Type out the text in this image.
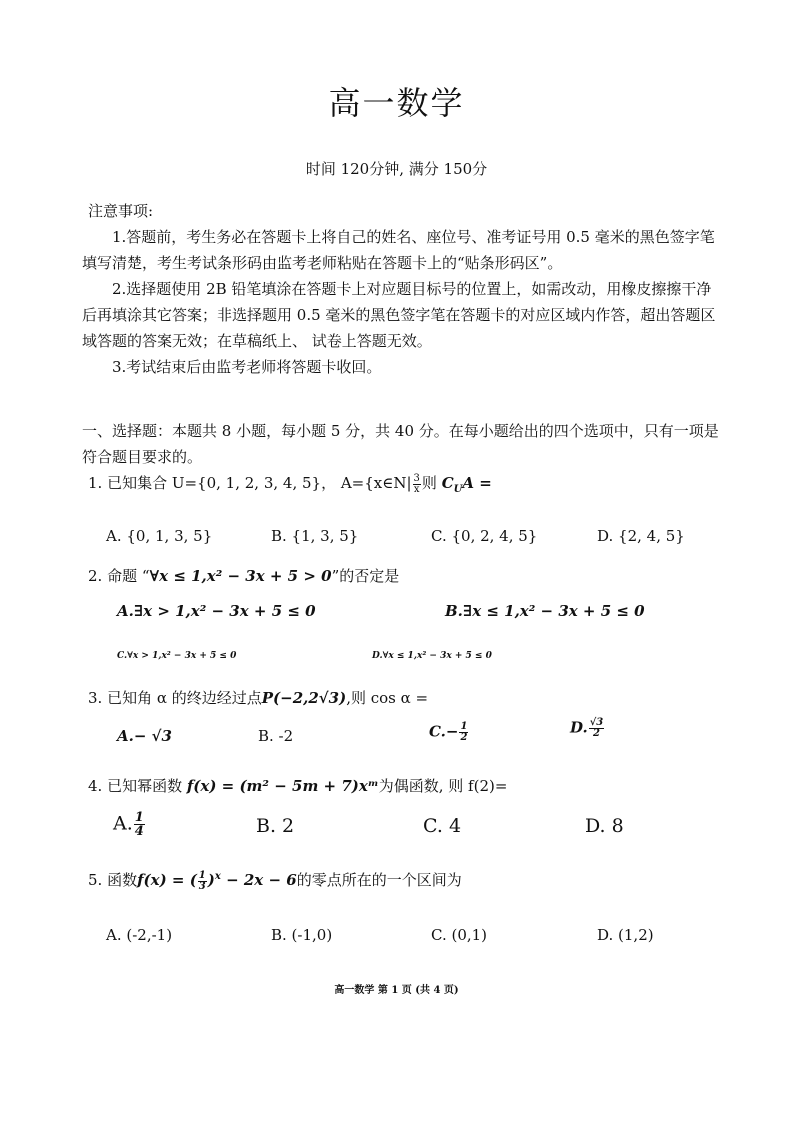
高一数学
时间 120分钟, 满分 150分
注意事项:
1.答题前，考生务必在答题卡上将自己的姓名、座位号、准考证号用 0.5 毫米的黑色签字笔填写清楚，考生考试条形码由监考老师粘贴在答题卡上的“贴条形码区”。
2.选择题使用 2B 铅笔填涂在答题卡上对应题目标号的位置上，如需改动，用橡皮擦擦干净后再填涂其它答案；非选择题用 0.5 毫米的黑色签字笔在答题卡的对应区域内作答，超出答题区域答题的答案无效；在草稿纸上、 试卷上答题无效。
3.考试结束后由监考老师将答题卡收回。
一、选择题：本题共 8 小题，每小题 5 分，共 40 分。在每小题给出的四个选项中，只有一项是符合题目要求的。
1. 已知集合 U={0, 1, 2, 3, 4, 5}， A={x∈N| $\frac{3}{x}$ 则 $C_UA$ =
A. {0, 1, 3, 5}	B. {1, 3, 5}	C. {0, 2, 4, 5}	D. {2, 4, 5}
2. 命题 “∀x ≤ 1,x² − 3x + 5 > 0”的否定是
A.∃x > 1,x² − 3x + 5 ≤ 0	B.∃x ≤ 1,x² − 3x + 5 ≤ 0
C.∀x > 1,x² − 3x + 5 ≤ 0	D.∀x ≤ 1,x² − 3x + 5 ≤ 0
3. 已知角 α 的终边经过点P(−2,2√3),则 cos α =
A.− √3	B. -2	$C.- \frac{1}{2}$	D. $\frac{√3}{2}$
4. 已知幂函数 f(x) = (m² − 5m + 7)xᵐ为偶函数, 则 f(2)=
A. $\frac{1}{4}$	B. 2	C. 4	D. 8
5. 函数f(x) = ( $\frac{1}{3} )^x - 2x - 6$的零点所在的一个区间为
A. (-2,-1)	B. (-1,0)	C. (0,1)	D. (1,2)
高一数学 第 1 页 (共 4 页)
